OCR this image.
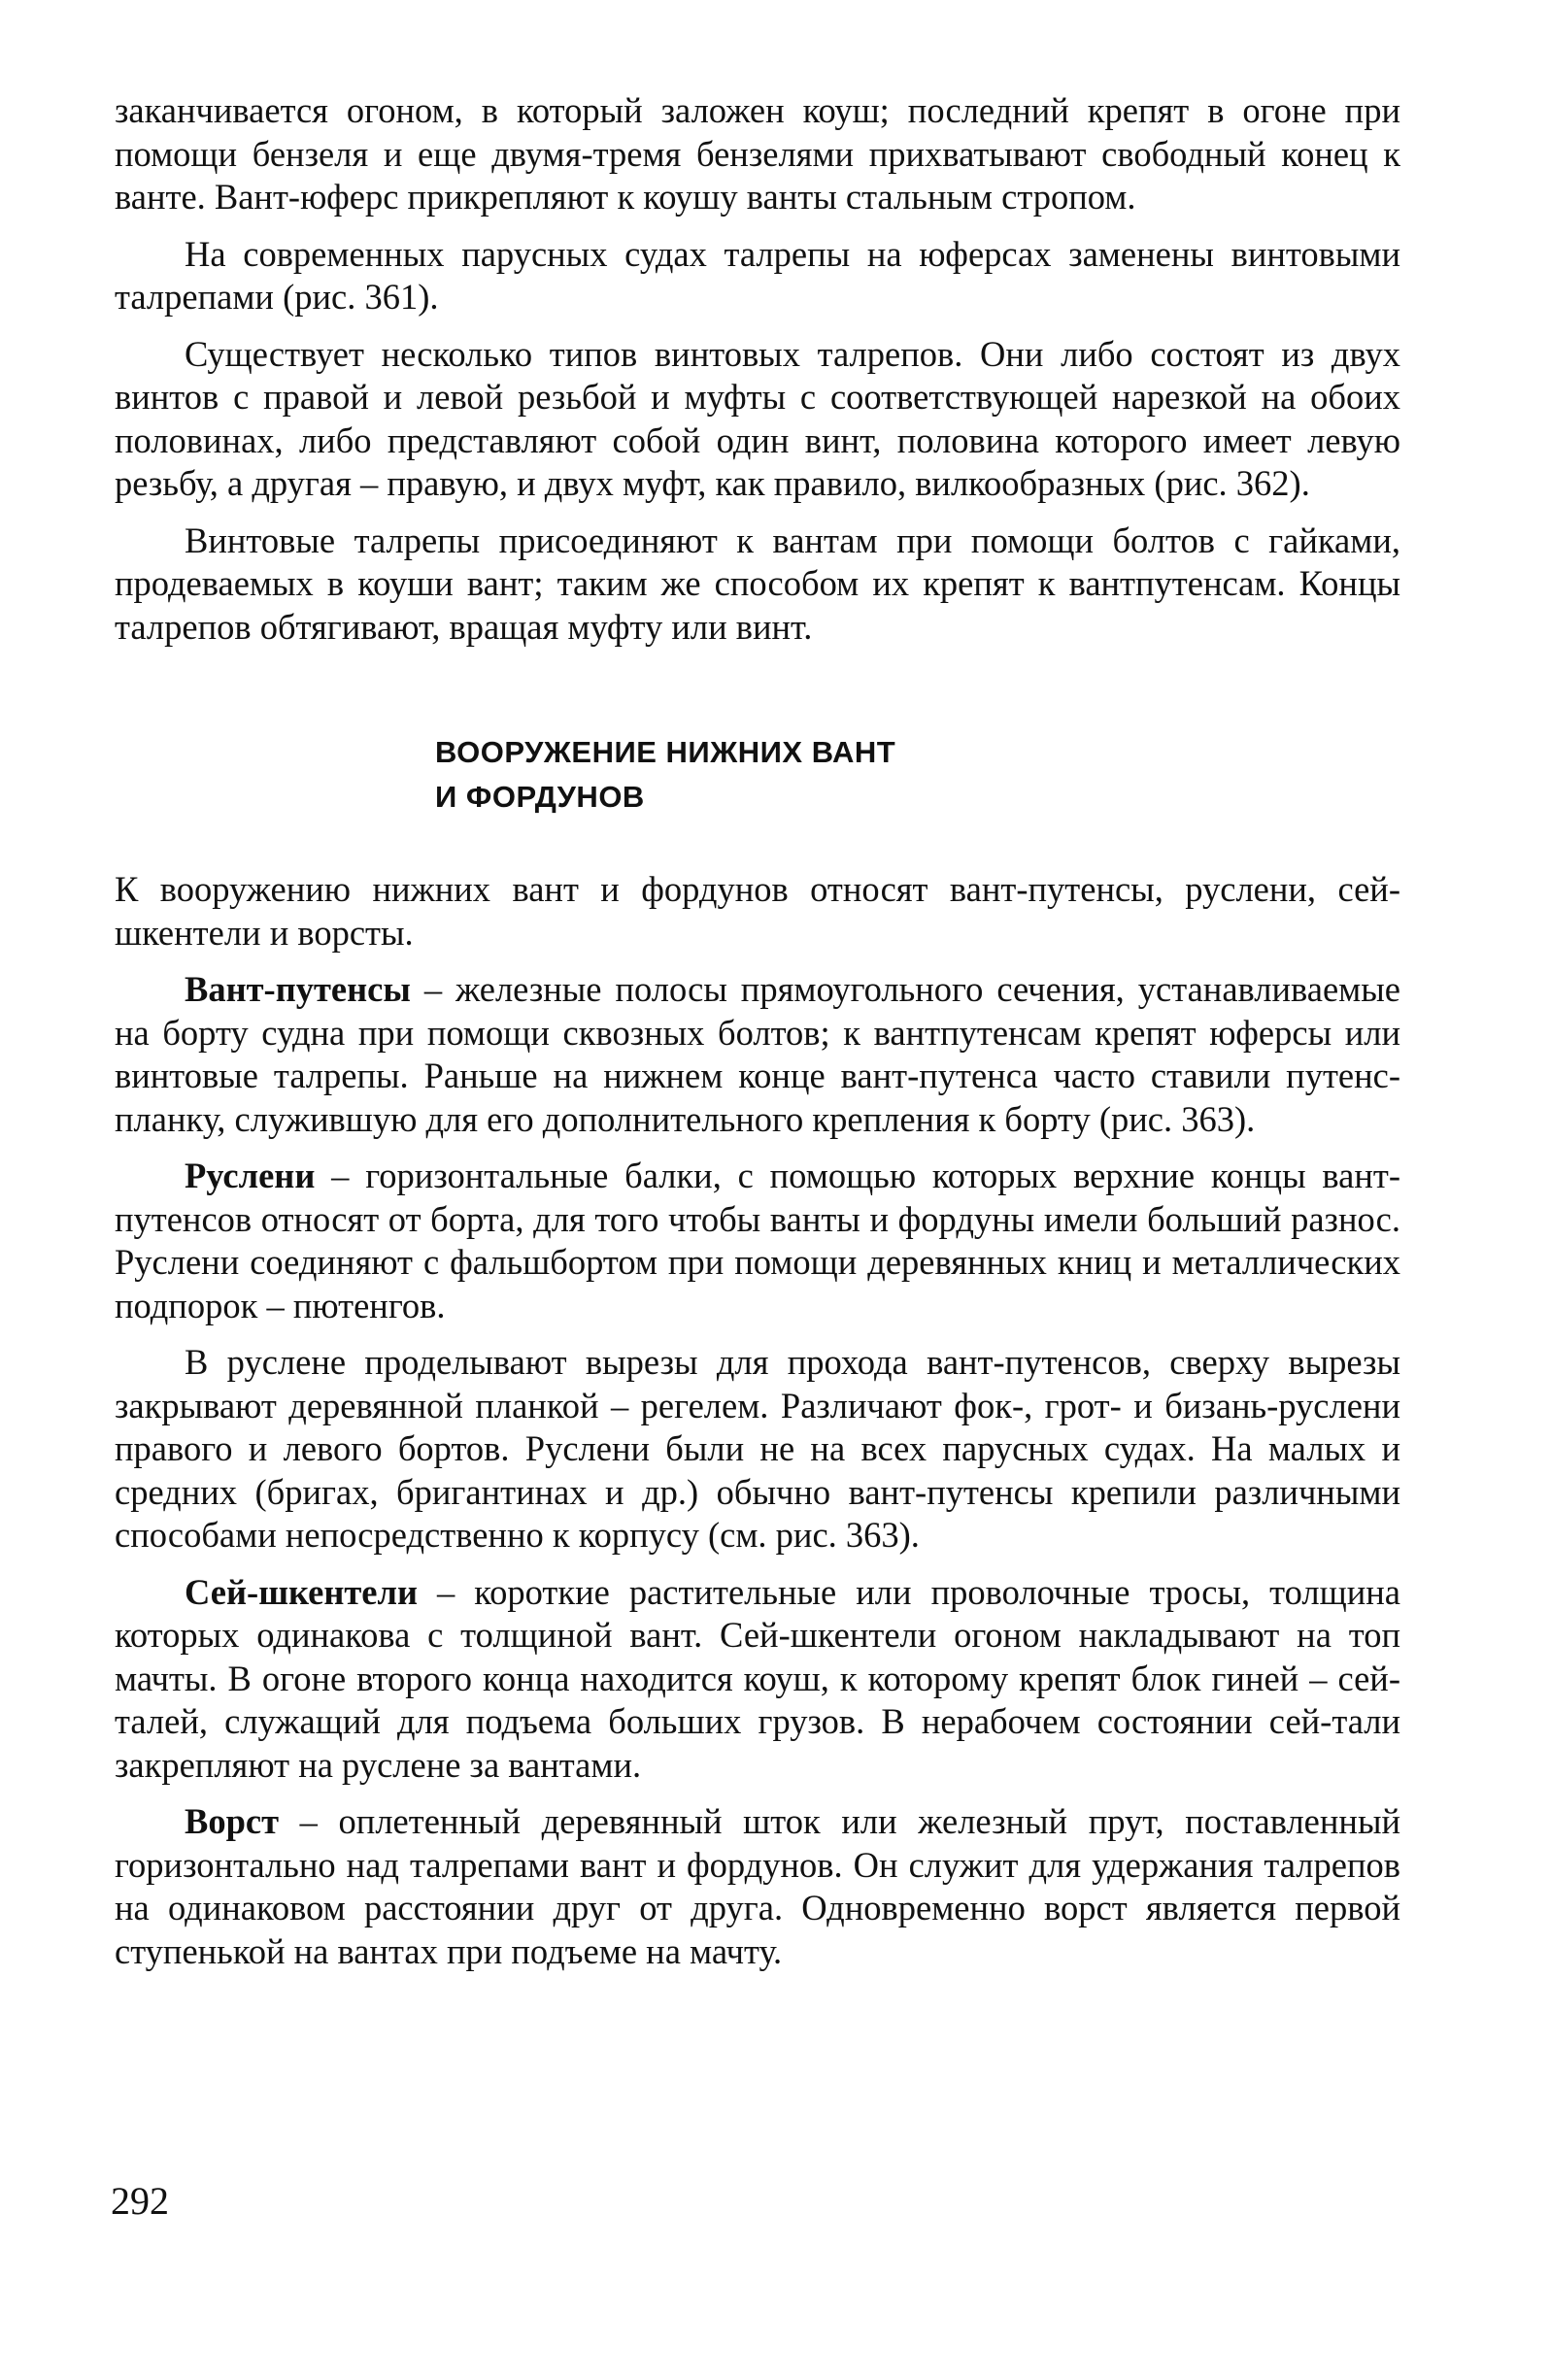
заканчивается огоном, в который заложен коуш; последний крепят в огоне при помощи бензеля и еще двумя-тремя бензелями прихватывают свободный конец к ванте. Вант-юферс прикрепляют к коушу ванты стальным стропом.

На современных парусных судах талрепы на юферсах заменены винтовыми талрепами (рис. 361).

Существует несколько типов винтовых талрепов. Они либо состоят из двух винтов с правой и левой резьбой и муфты с соответствующей нарезкой на обоих половинах, либо представляют собой один винт, половина которого имеет левую резьбу, а другая – правую, и двух муфт, как правило, вилкообразных (рис. 362).

Винтовые талрепы присоединяют к вантам при помощи болтов с гайками, продеваемых в коуши вант; таким же способом их крепят к вантпутенсам. Концы талрепов обтягивают, вращая муфту или винт.

ВООРУЖЕНИЕ НИЖНИХ ВАНТ
И ФОРДУНОВ

К вооружению нижних вант и фордунов относят вант-путенсы, руслени, сей-шкентели и ворсты.

Вант-путенсы – железные полосы прямоугольного сечения, устанавливаемые на борту судна при помощи сквозных болтов; к вантпутенсам крепят юферсы или винтовые талрепы. Раньше на нижнем конце вант-путенса часто ставили путенс-планку, служившую для его дополнительного крепления к борту (рис. 363).

Руслени – горизонтальные балки, с помощью которых верхние концы вант-путенсов относят от борта, для того чтобы ванты и фордуны имели больший разнос. Руслени соединяют с фальшбортом при помощи деревянных книц и металлических подпорок – пютенгов.

В руслене проделывают вырезы для прохода вант-путенсов, сверху вырезы закрывают деревянной планкой – регелем. Различают фок-, грот- и бизань-руслени правого и левого бортов. Руслени были не на всех парусных судах. На малых и средних (бригах, бригантинах и др.) обычно вант-путенсы крепили различными способами непосредственно к корпусу (см. рис. 363).

Сей-шкентели – короткие растительные или проволочные тросы, толщина которых одинакова с толщиной вант. Сей-шкентели огоном накладывают на топ мачты. В огоне второго конца находится коуш, к которому крепят блок гиней – сей-талей, служащий для подъема больших грузов. В нерабочем состоянии сей-тали закрепляют на руслене за вантами.

Ворст – оплетенный деревянный шток или железный прут, поставленный горизонтально над талрепами вант и фордунов. Он служит для удержания талрепов на одинаковом расстоянии друг от друга. Одновременно ворст является первой ступенькой на вантах при подъеме на мачту.

292
